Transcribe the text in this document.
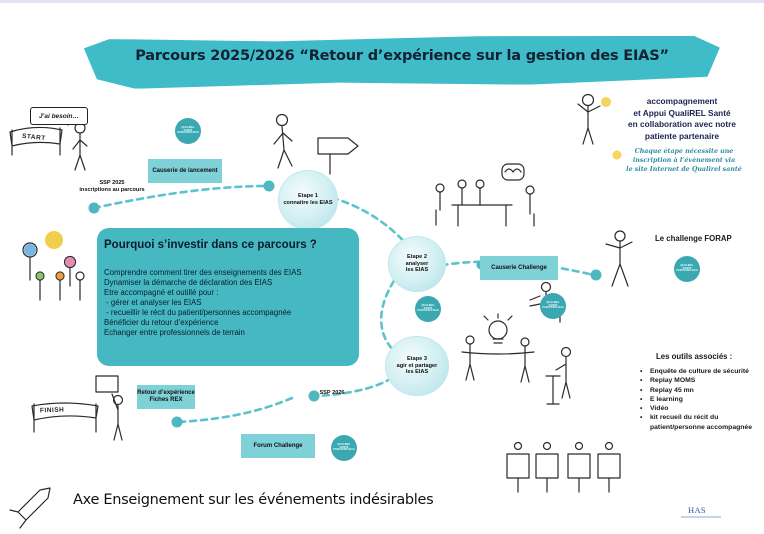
Parcours 2025/2026 “Retour d’expérience sur la gestion des EIAS”
J’ai besoin…
START
SSP 2025
inscriptions au parcours
Causerie de lancement
Causerie Challenge
Retour d’expérience
Fiches REX
Forum Challenge
QUALIREL SANTÉ PARCOURS EIAS
QUALIREL SANTÉ PARCOURS EIAS
QUALIREL SANTÉ PARCOURS EIAS
QUALIREL SANTÉ PARCOURS EIAS
QUALIREL SANTÉ PARCOURS EIAS
Etape 1
connaitre les EIAS
Etape 2
analyser
les EIAS
Etape 3
agir et partager
les EIAS
SSP 2026
Pourquoi s’investir dans ce parcours ?
Comprendre comment tirer des enseignements des EIAS
Dynamiser la démarche de déclaration des EIAS
Etre accompagné et outillé pour :
- gérer et analyser les EIAS
- recueillir le récit du patient/personnes accompagnée
Bénéficier du retour d’expérience
Echanger entre professionnels de terrain
FINISH
accompagnement
et Appui QualiREL Santé
en collaboration avec notre
patiente partenaire
Chaque étape nécessite une
inscription à l’évènement via
le site Internet de Qualirel santé
Le challenge FORAP
Les outils associés :
• Enquête de culture de sécurité
• Replay MOMS
• Replay 45 mn
• E learning
• Vidéo
• kit recueil du récit du patient/personne accompagnée
Axe Enseignement sur les événements indésirables
HAS
